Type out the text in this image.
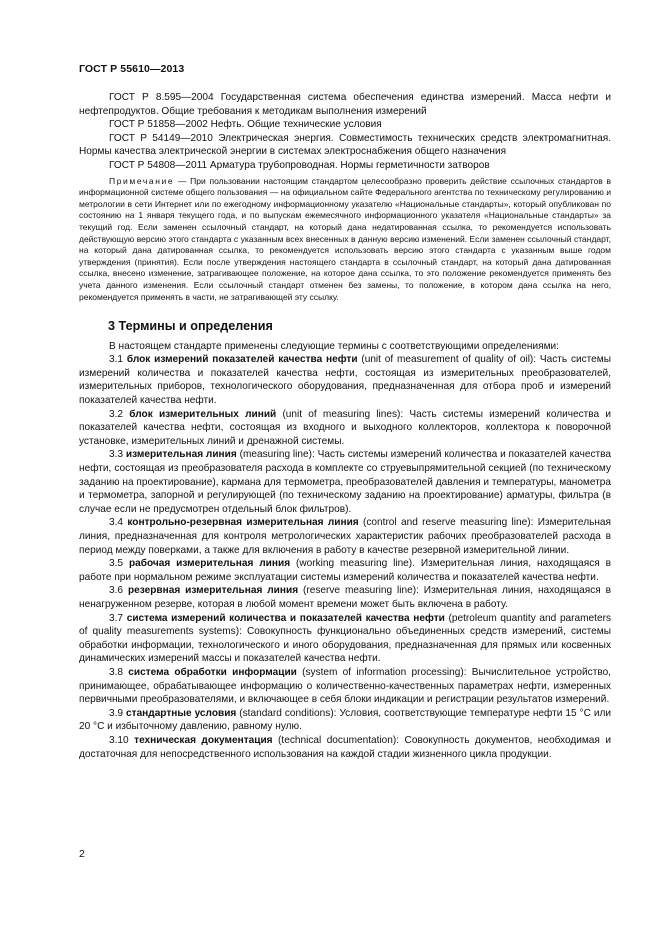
ГОСТ Р 55610—2013

ГОСТ Р 8.595—2004 Государственная система обеспечения единства измерений. Масса нефти и нефтепродуктов. Общие требования к методикам выполнения измерений

ГОСТ Р 51858—2002 Нефть. Общие технические условия

ГОСТ Р 54149—2010 Электрическая энергия. Совместимость технических средств электромагнитная. Нормы качества электрической энергии в системах электроснабжения общего назначения

ГОСТ Р 54808—2011 Арматура трубопроводная. Нормы герметичности затворов

Примечание — При пользовании настоящим стандартом целесообразно проверить действие ссылочных стандартов в информационной системе общего пользования — на официальном сайте Федерального агентства по техническому регулированию и метрологии в сети Интернет или по ежегодному информационному указателю «Национальные стандарты», который опубликован по состоянию на 1 января текущего года, и по выпускам ежемесячного информационного указателя «Национальные стандарты» за текущий год. Если заменен ссылочный стандарт, на который дана недатированная ссылка, то рекомендуется использовать действующую версию этого стандарта с указанным всех внесенных в данную версию изменений. Если заменен ссылочный стандарт, на который дана датированная ссылка, то рекомендуется использовать версию этого стандарта с указанным выше годом утверждения (принятия). Если после утверждения настоящего стандарта в ссылочный стандарт, на который дана датированная ссылка, внесено изменение, затрагивающее положение, на которое дана ссылка, то это положение рекомендуется применять без учета данного изменения. Если ссылочный стандарт отменен без замены, то положение, в котором дана ссылка на него, рекомендуется применять в части, не затрагивающей эту ссылку.

3 Термины и определения

В настоящем стандарте применены следующие термины с соответствующими определениями:

3.1 блок измерений показателей качества нефти (unit of measurement of quality of oil): Часть системы измерений количества и показателей качества нефти, состоящая из измерительных преобразователей, измерительных приборов, технологического оборудования, предназначенная для отбора проб и измерений показателей качества нефти.

3.2 блок измерительных линий (unit of measuring lines): Часть системы измерений количества и показателей качества нефти, состоящая из входного и выходного коллекторов, коллектора к поворочной установке, измерительных линий и дренажной системы.

3.3 измерительная линия (measuring line): Часть системы измерений количества и показателей качества нефти, состоящая из преобразователя расхода в комплекте со струевыпрямительной секцией (по техническому заданию на проектирование), кармана для термометра, преобразователей давления и температуры, манометра и термометра, запорной и регулирующей (по техническому заданию на проектирование) арматуры, фильтра (в случае если не предусмотрен отдельный блок фильтров).

3.4 контрольно-резервная измерительная линия (control and reserve measuring line): Измерительная линия, предназначенная для контроля метрологических характеристик рабочих преобразователей расхода в период между поверками, а также для включения в работу в качестве резервной измерительной линии.

3.5 рабочая измерительная линия (working measuring line). Измерительная линия, находящаяся в работе при нормальном режиме эксплуатации системы измерений количества и показателей качества нефти.

3.6 резервная измерительная линия (reserve measuring line): Измерительная линия, находящаяся в ненагруженном резерве, которая в любой момент времени может быть включена в работу.

3.7 система измерений количества и показателей качества нефти (petroleum quantity and parameters of quality measurements systems): Совокупность функционально объединенных средств измерений, системы обработки информации, технологического и иного оборудования, предназначенная для прямых или косвенных динамических измерений массы и показателей качества нефти.

3.8 система обработки информации (system of information processing): Вычислительное устройство, принимающее, обрабатывающее информацию о количественно-качественных параметрах нефти, измеренных первичными преобразователями, и включающее в себя блоки индикации и регистрации результатов измерений.

3.9 стандартные условия (standard conditions): Условия, соответствующие температуре нефти 15 °C или 20 °C и избыточному давлению, равному нулю.

3.10 техническая документация (technical documentation): Совокупность документов, необходимая и достаточная для непосредственного использования на каждой стадии жизненного цикла продукции.

2
